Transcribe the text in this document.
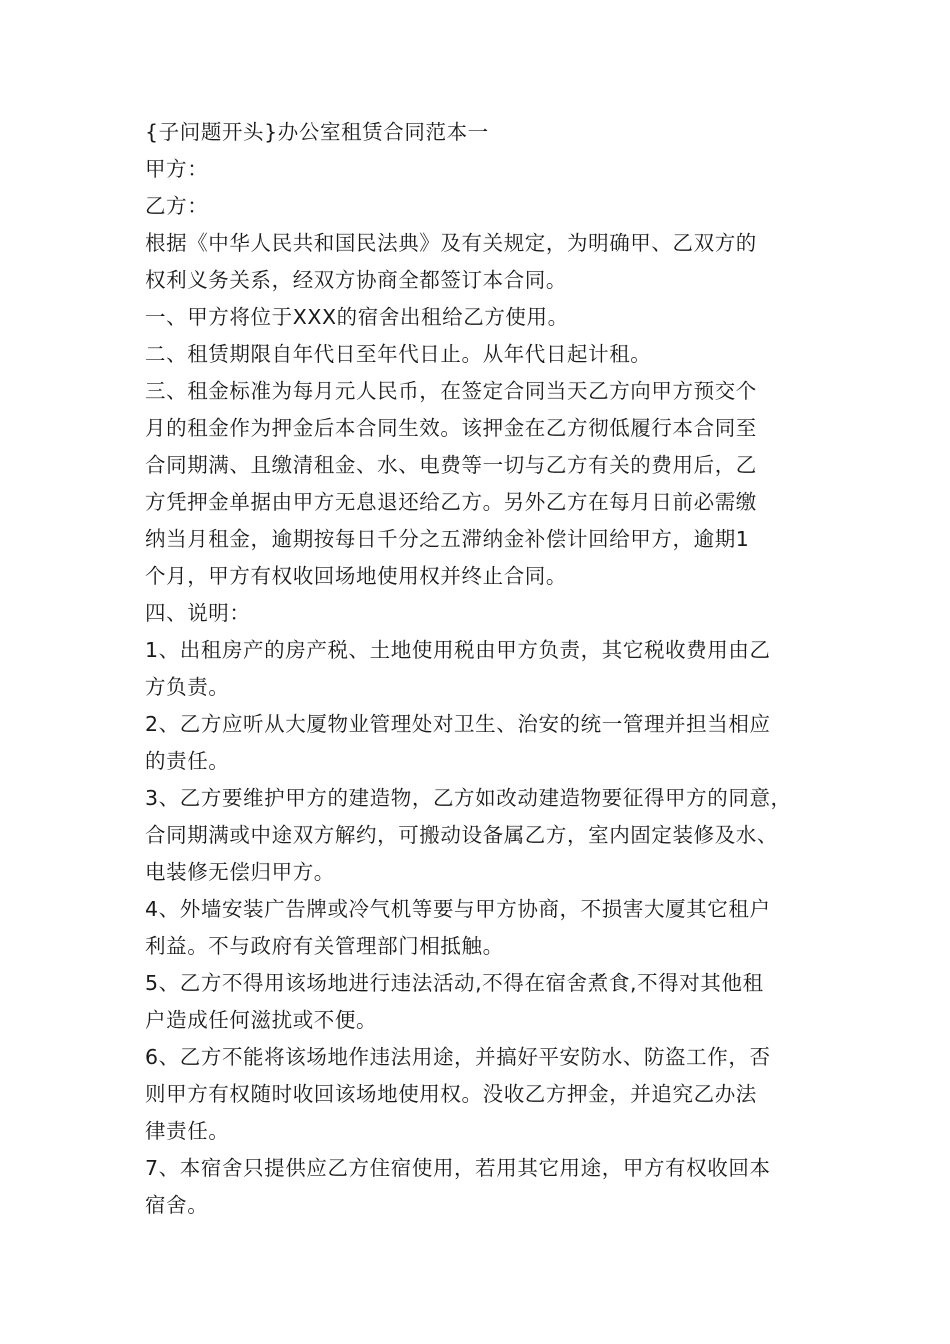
{子问题开头}办公室租赁合同范本一
甲方：
乙方：
根据《中华人民共和国民法典》及有关规定，为明确甲、乙双方的
权利义务关系，经双方协商全都签订本合同。
一、甲方将位于XXX的宿舍出租给乙方使用。
二、租赁期限自年代日至年代日止。从年代日起计租。
三、租金标准为每月元人民币，在签定合同当天乙方向甲方预交个
月的租金作为押金后本合同生效。该押金在乙方彻低履行本合同至
合同期满、且缴清租金、水、电费等一切与乙方有关的费用后，乙
方凭押金单据由甲方无息退还给乙方。另外乙方在每月日前必需缴
纳当月租金，逾期按每日千分之五滞纳金补偿计回给甲方，逾期1
个月，甲方有权收回场地使用权并终止合同。
四、说明：
1、出租房产的房产税、土地使用税由甲方负责，其它税收费用由乙
方负责。
2、乙方应听从大厦物业管理处对卫生、治安的统一管理并担当相应
的责任。
3、乙方要维护甲方的建造物，乙方如改动建造物要征得甲方的同意，
合同期满或中途双方解约，可搬动设备属乙方，室内固定装修及水、
电装修无偿归甲方。
4、外墙安装广告牌或冷气机等要与甲方协商，不损害大厦其它租户
利益。不与政府有关管理部门相抵触。
5、乙方不得用该场地进行违法活动,不得在宿舍煮食,不得对其他租
户造成任何滋扰或不便。
6、乙方不能将该场地作违法用途，并搞好平安防水、防盗工作，否
则甲方有权随时收回该场地使用权。没收乙方押金，并追究乙办法
律责任。
7、本宿舍只提供应乙方住宿使用，若用其它用途，甲方有权收回本
宿舍。
